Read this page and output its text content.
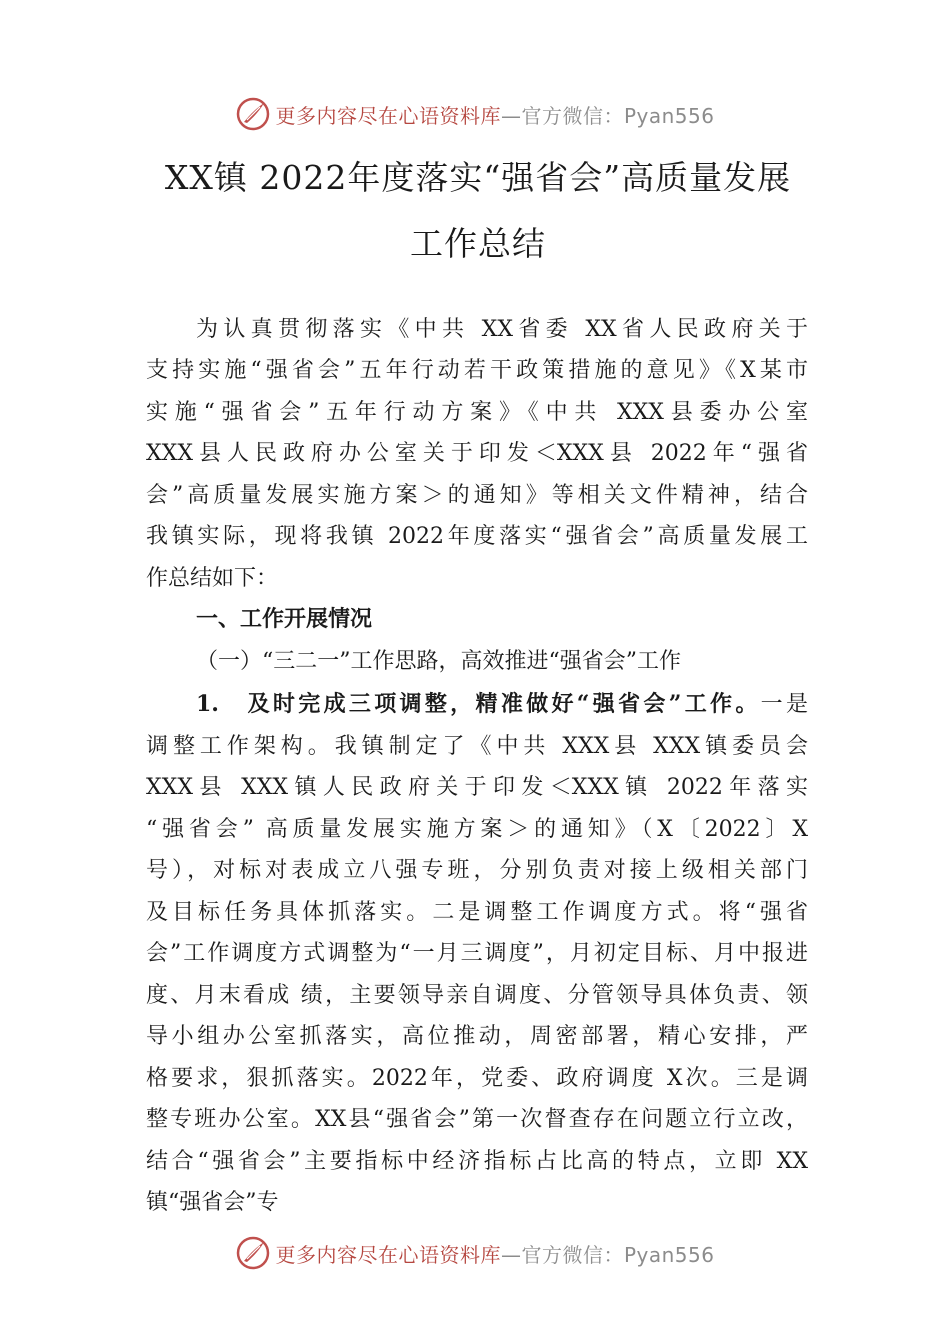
更多内容尽在心语资料库 —官方微信：Pyan556
XX镇 2022年度落实“强省会”高质量发展
工作总结
为认真贯彻落实《中共 XX省委 XX省人民政府关于
支持实施“强省会”五年行动若干政策措施的意见》《X某市
实施“强省会”五年行动方案》《中共 XXX县委办公室
XXX县人民政府办公室关于印发＜XXX县 2022年“强省
会”高质量发展实施方案＞的通知》等相关文件精神，结合
我镇实际，现将我镇 2022年度落实“强省会”高质量发展工
作总结如下：
一、工作开展情况
（一）“三二一”工作思路，高效推进“强省会”工作
1.　及时完成三项调整，精准做好“强省会”工作。一是
调整工作架构。我镇制定了《中共 XXX县 XXX镇委员会
XXX县 XXX镇人民政府关于印发＜XXX镇 2022年落实
“强省会” 高质量发展实施方案＞的通知》（X〔2022〕X
号），对标对表成立八强专班，分别负责对接上级相关部门
及目标任务具体抓落实。二是调整工作调度方式。将“强省
会”工作调度方式调整为“一月三调度”，月初定目标、月中报进
度、月末看成 绩，主要领导亲自调度、分管领导具体负责、领
导小组办公室抓落实，高位推动，周密部署，精心安排，严
格要求，狠抓落实。2022年，党委、政府调度 X次。三是调
整专班办公室。XX县“强省会”第一次督查存在问题立行立改，
结合“强省会”主要指标中经济指标占比高的特点，立即 XX
镇“强省会”专
更多内容尽在心语资料库 —官方微信：Pyan556
